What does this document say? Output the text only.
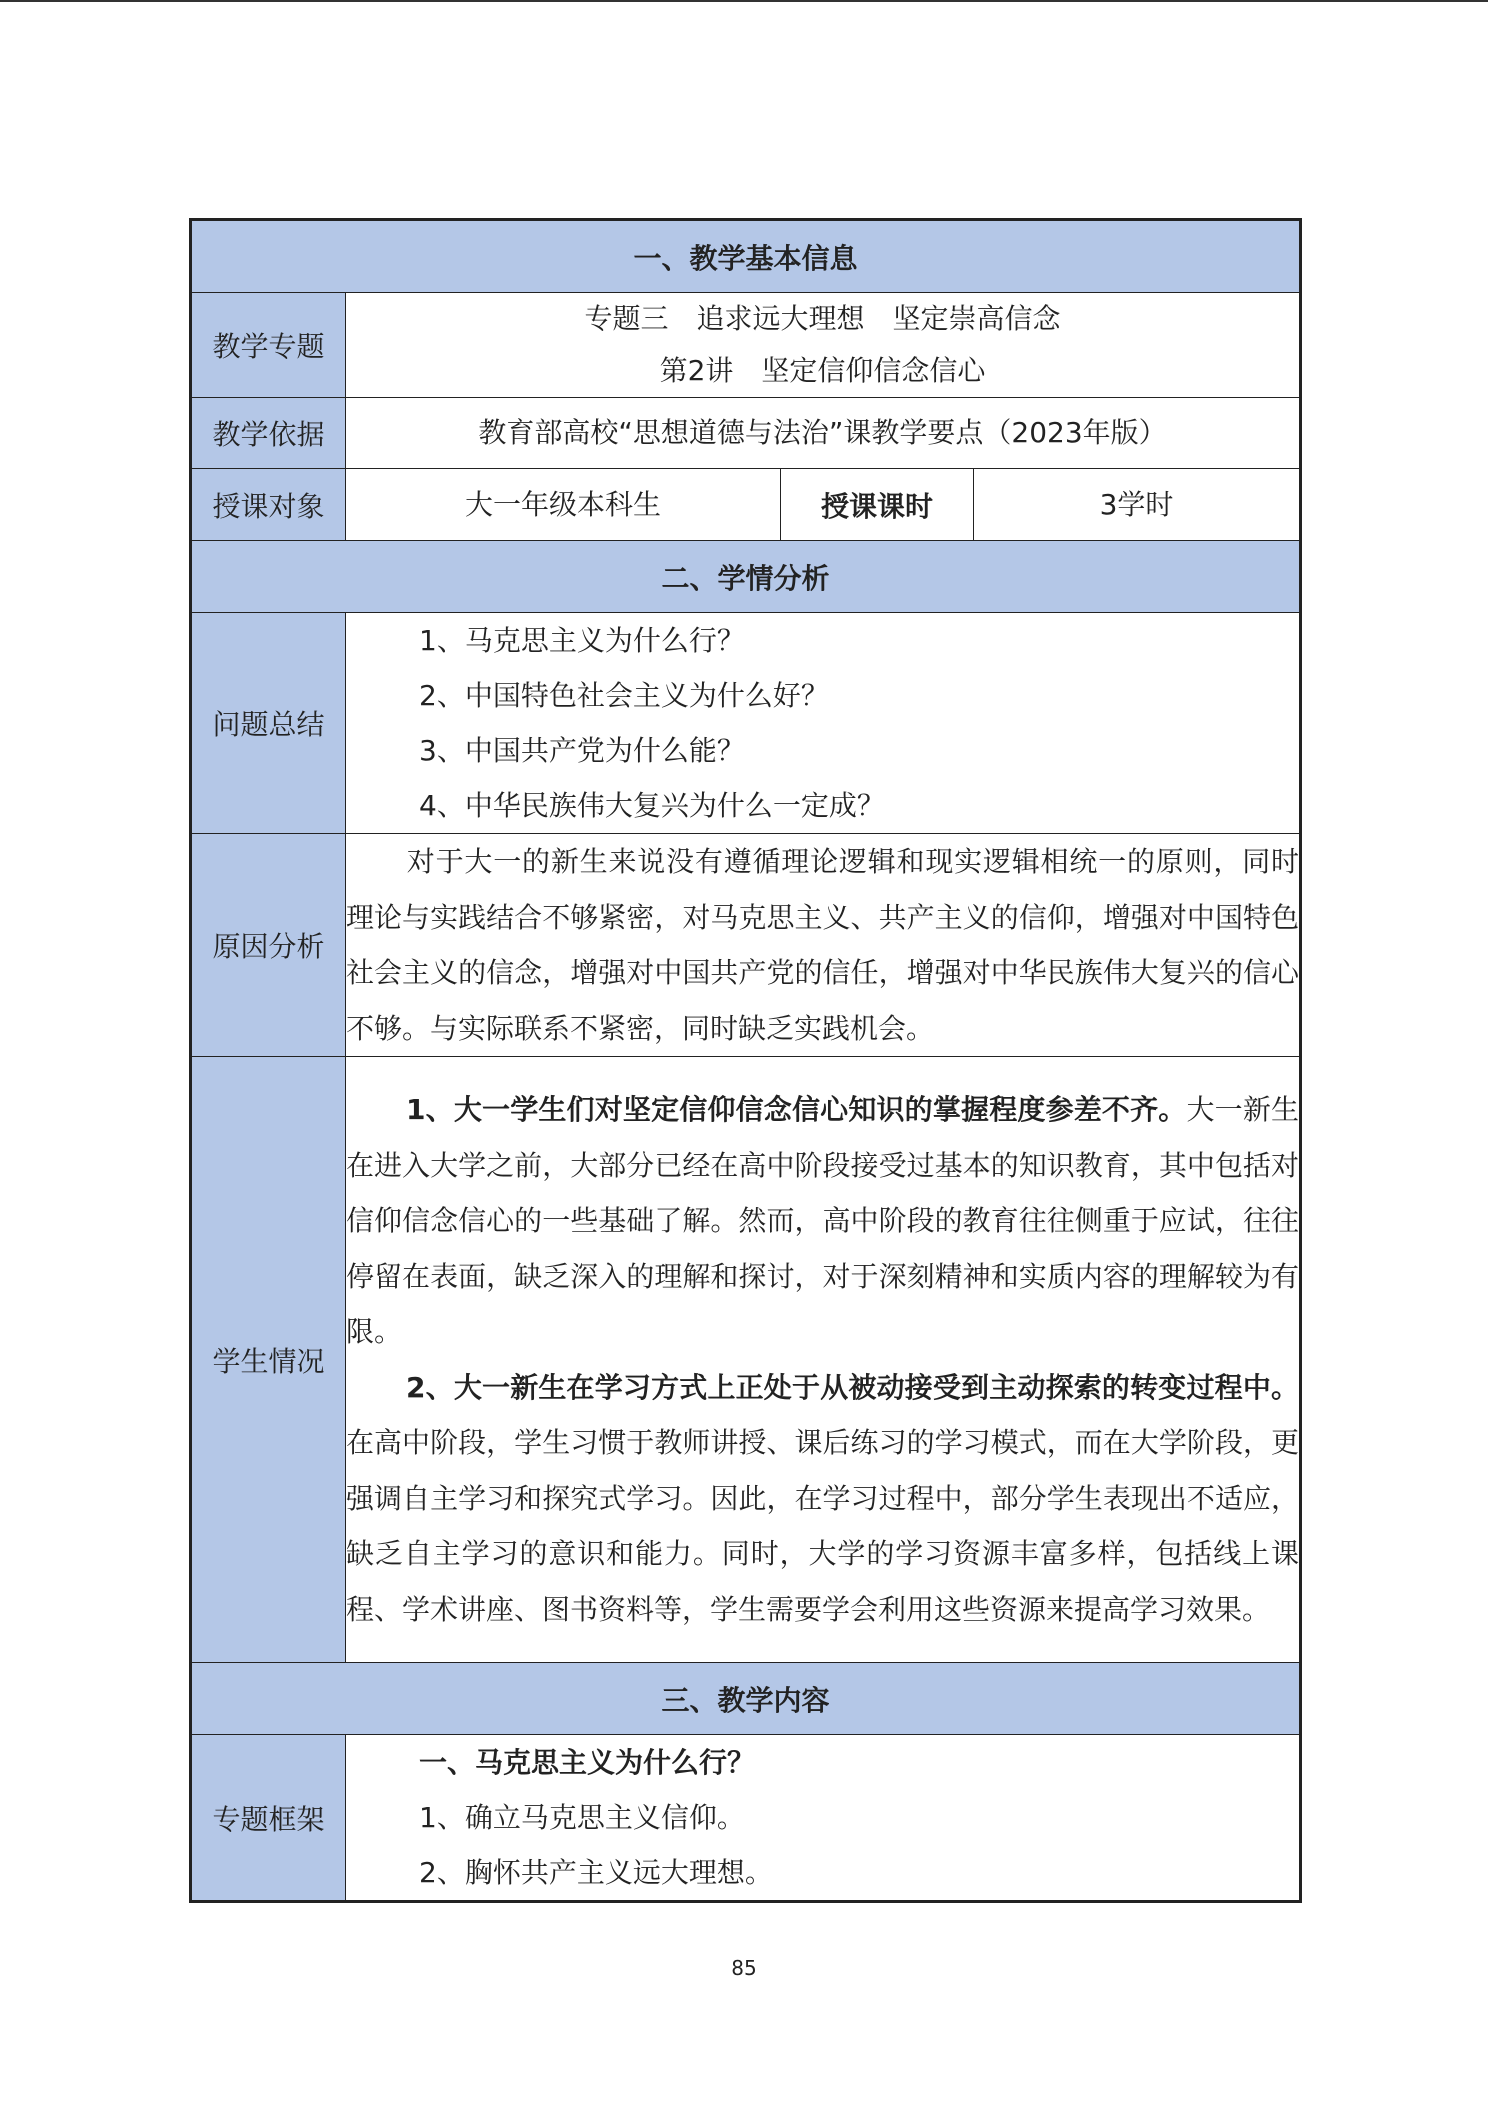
一、教学基本信息			
教学专题	专题三　追求远大理想　坚定崇高信念
第2讲　坚定信仰信念信心		

教学依据	教育部高校“思想道德与法治”课教学要点（2023年版）		
授课对象	大一年级本科生	授课课时	3学时
二、学情分析			
问题总结	1、马克思主义为什么行？
2、中国特色社会主义为什么好？
3、中国共产党为什么能？
4、中华民族伟大复兴为什么一定成？		

原因分析	对于大一的新生来说没有遵循理论逻辑和现实逻辑相统一的原则，同时理论与实践结合不够紧密，对马克思主义、共产主义的信仰，增强对中国特色社会主义的信念，增强对中国共产党的信任，增强对中华民族伟大复兴的信心不够。与实际联系不紧密，同时缺乏实践机会。		

学生情况	1、大一学生们对坚定信仰信念信心知识的掌握程度参差不齐。大一新生在进入大学之前，大部分已经在高中阶段接受过基本的知识教育，其中包括对信仰信念信心的一些基础了解。然而，高中阶段的教育往往侧重于应试，往往停留在表面，缺乏深入的理解和探讨，对于深刻精神和实质内容的理解较为有限。
2、大一新生在学习方式上正处于从被动接受到主动探索的转变过程中。在高中阶段，学生习惯于教师讲授、课后练习的学习模式，而在大学阶段，更强调自主学习和探究式学习。因此，在学习过程中，部分学生表现出不适应，缺乏自主学习的意识和能力。同时，大学的学习资源丰富多样，包括线上课程、学术讲座、图书资料等，学生需要学会利用这些资源来提高学习效果。		

三、教学内容			
专题框架	一、马克思主义为什么行？
1、确立马克思主义信仰。
2、胸怀共产主义远大理想。		
85
